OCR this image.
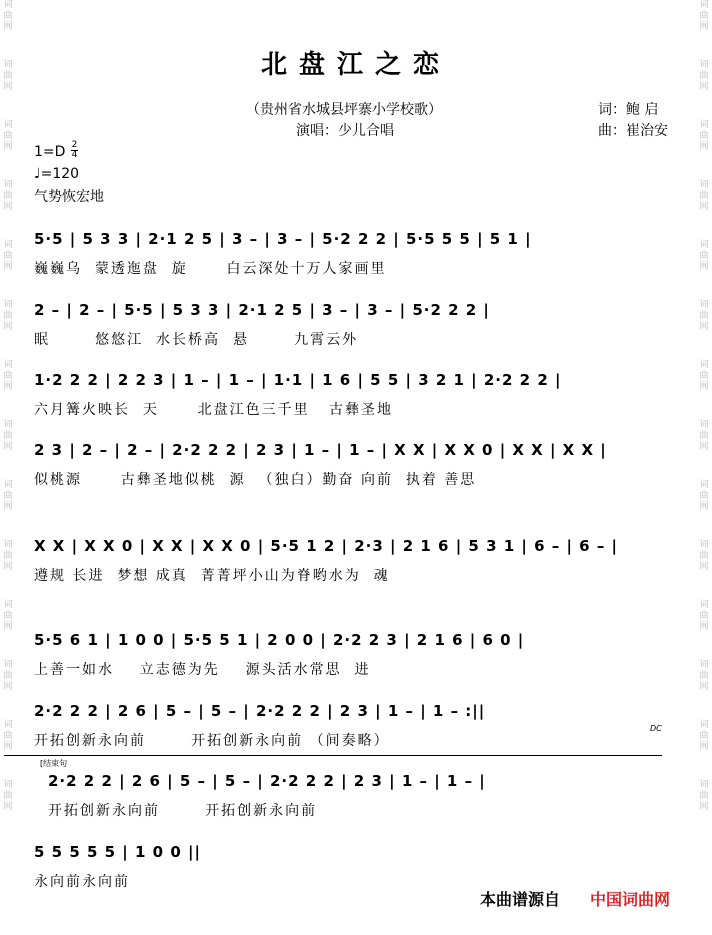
词曲网
词曲网
词曲网
词曲网
词曲网
词曲网
词曲网
词曲网
词曲网
词曲网
词曲网
词曲网
词曲网
词曲网
词曲网
词曲网
词曲网
词曲网
词曲网
词曲网
词曲网
词曲网
词曲网
词曲网
词曲网
词曲网
词曲网
词曲网
北盘江之恋
（贵州省水城县坪寨小学校歌）
演唱：少儿合唱
词：鲍 启
曲：崔治安
1=D 2
4
♩=120
气势恢宏地
5·5 | 5 3 3 | 2·1 2 5 | 3 – | 3 – | 5·2 2 2 | 5·5 5 5 | 5 1 |
巍巍乌  蒙透迤盘  旋      白云深处十万人家画里
2 – | 2 – | 5·5 | 5 3 3 | 2·1 2 5 | 3 – | 3 – | 5·2 2 2 |
眠       悠悠江  水长桥高  悬       九霄云外
1·2 2 2 | 2 2 3 | 1 – | 1 – | 1·1 | 1 6 | 5 5 | 3 2 1 | 2·2 2 2 |
六月篝火映长  天      北盘江色三千里   古彝圣地
2 3 | 2 – | 2 – | 2·2 2 2 | 2 3 | 1 – | 1 – | X X | X X 0 | X X | X X |
似桃源      古彝圣地似桃  源  （独白）勤奋 向前  执着 善思
X X | X X 0 | X X | X X 0 | 5·5 1 2 | 2·3 | 2 1 6 | 5 3 1 | 6 – | 6 – |
遵规 长进  梦想 成真  菁菁坪小山为脊哟水为  魂
5·5 6 1 | 1 0 0 | 5·5 5 1 | 2 0 0 | 2·2 2 3 | 2 1 6 | 6 0 |
上善一如水    立志德为先    源头活水常思  进
2·2 2 2 | 2 6 | 5 – | 5 – | 2·2 2 2 | 2 3 | 1 – | 1 – :||
开拓创新永向前       开拓创新永向前 （间奏略）
DC
[结束句
2·2 2 2 | 2 6 | 5 – | 5 – | 2·2 2 2 | 2 3 | 1 – | 1 – |
开拓创新永向前       开拓创新永向前
5 5 5 5 5 | 1 0 0 ||
永向前永向前
本曲谱源自 中国词曲网
